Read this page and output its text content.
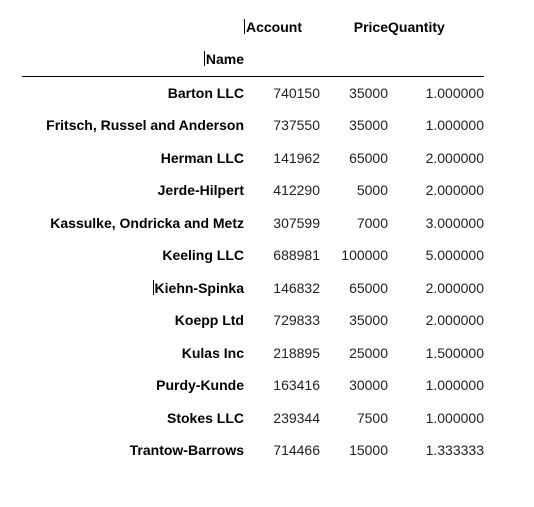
	Account	Price	Quantity
Name			
Barton LLC	740150	35000	1.000000
Fritsch, Russel and Anderson	737550	35000	1.000000
Herman LLC	141962	65000	2.000000
Jerde-Hilpert	412290	5000	2.000000
Kassulke, Ondricka and Metz	307599	7000	3.000000
Keeling LLC	688981	100000	5.000000
Kiehn-Spinka	146832	65000	2.000000
Koepp Ltd	729833	35000	2.000000
Kulas Inc	218895	25000	1.500000
Purdy-Kunde	163416	30000	1.000000
Stokes LLC	239344	7500	1.000000
Trantow-Barrows	714466	15000	1.333333
